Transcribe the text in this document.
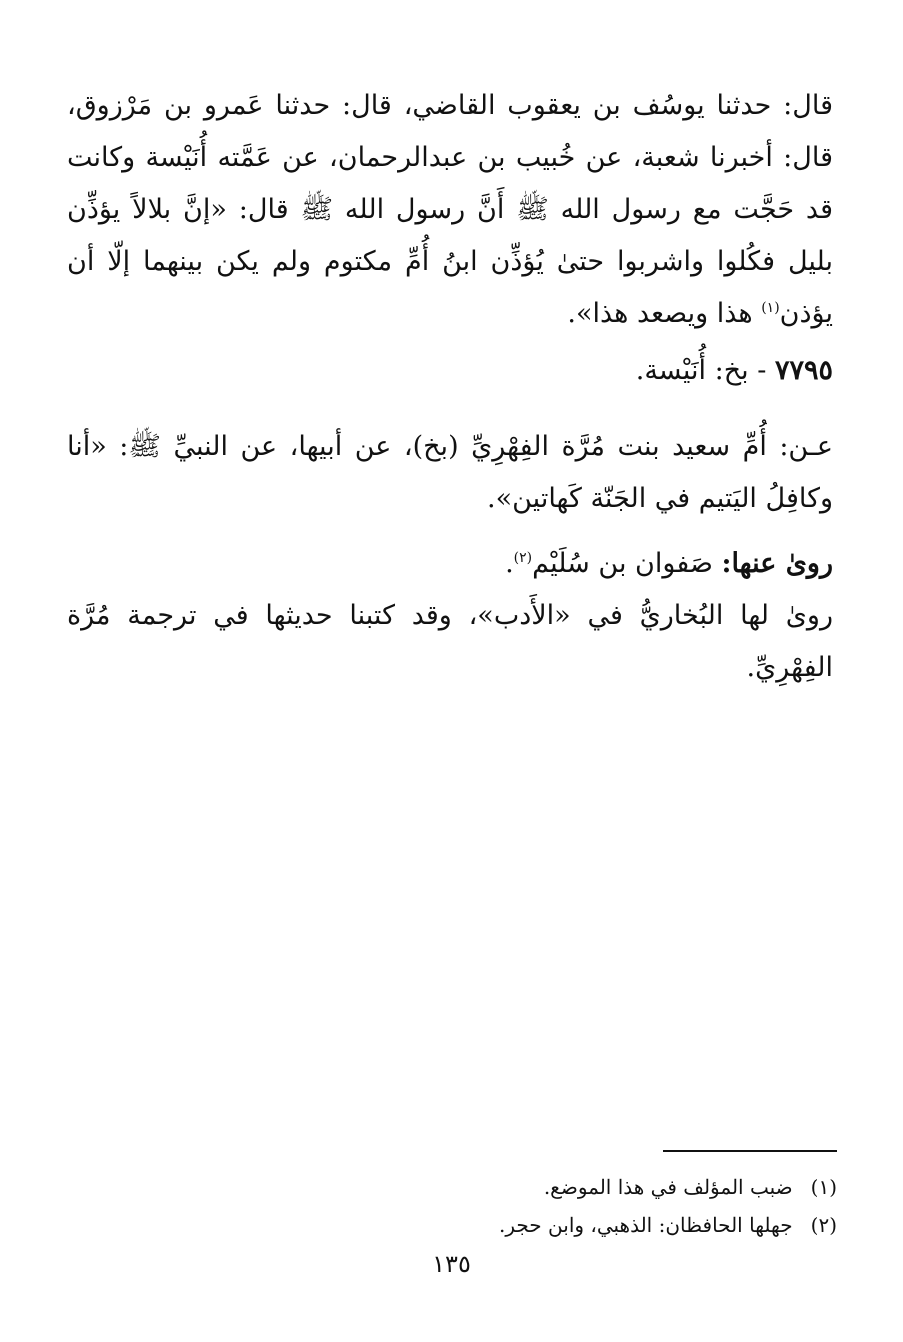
قال: حدثنا يوسُف بن يعقوب القاضي، قال: حدثنا عَمرو بن مَرْزوق، قال: أخبرنا شعبة، عن خُبيب بن عبدالرحمان، عن عَمَّته أُنَيْسة وكانت قد حَجَّت مع رسول الله ﷺ أَنَّ رسول الله ﷺ قال: «إنَّ بلالاً يؤذِّن بليل فكُلوا واشربوا حتىٰ يُؤذِّن ابنُ أُمِّ مكتوم ولم يكن بينهما إلّا أن يؤذن$^{(١)}$ هذا ويصعد هذا».

٧٧٩٥ - بخ: أُنَيْسة.

عـن: أُمِّ سعيد بنت مُرَّة الفِهْرِيِّ (بخ)، عن أبيها، عن النبيِّ ﷺ: «أنا وكافِلُ اليَتيم في الجَنّة كَهاتين».

روىٰ عنها: صَفوان بن سُلَيْم$^{(٢)}$.

روىٰ لها البُخاريُّ في «الأَدب»، وقد كتبنا حديثها في ترجمة مُرَّة الفِهْرِيِّ.

(١)ضبب المؤلف في هذا الموضع.
(٢)جهلها الحافظان: الذهبي، وابن حجر.
١٣٥
